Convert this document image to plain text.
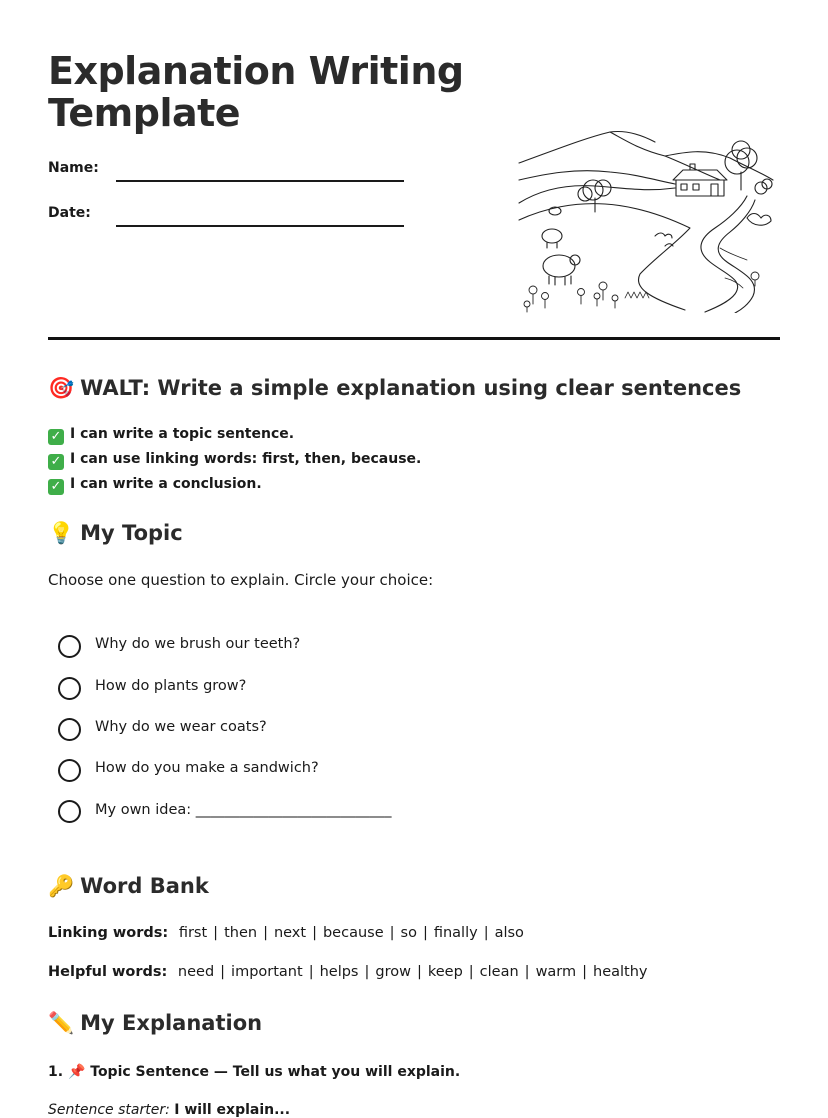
Explanation Writing Template
Name:
Date:
🎯 WALT: Write a simple explanation using clear sentences
✓ I can write a topic sentence.
✓ I can use linking words: first, then, because.
✓ I can write a conclusion.
💡 My Topic
Choose one question to explain. Circle your choice:
Why do we brush our teeth?
How do plants grow?
Why do we wear coats?
How do you make a sandwich?
My own idea: ___________________________
🔑 Word Bank
Linking words: first | then | next | because | so | finally | also
Helpful words: need | important | helps | grow | keep | clean | warm | healthy
✏️ My Explanation
1. 📌 Topic Sentence — Tell us what you will explain.
Sentence starter: I will explain...
